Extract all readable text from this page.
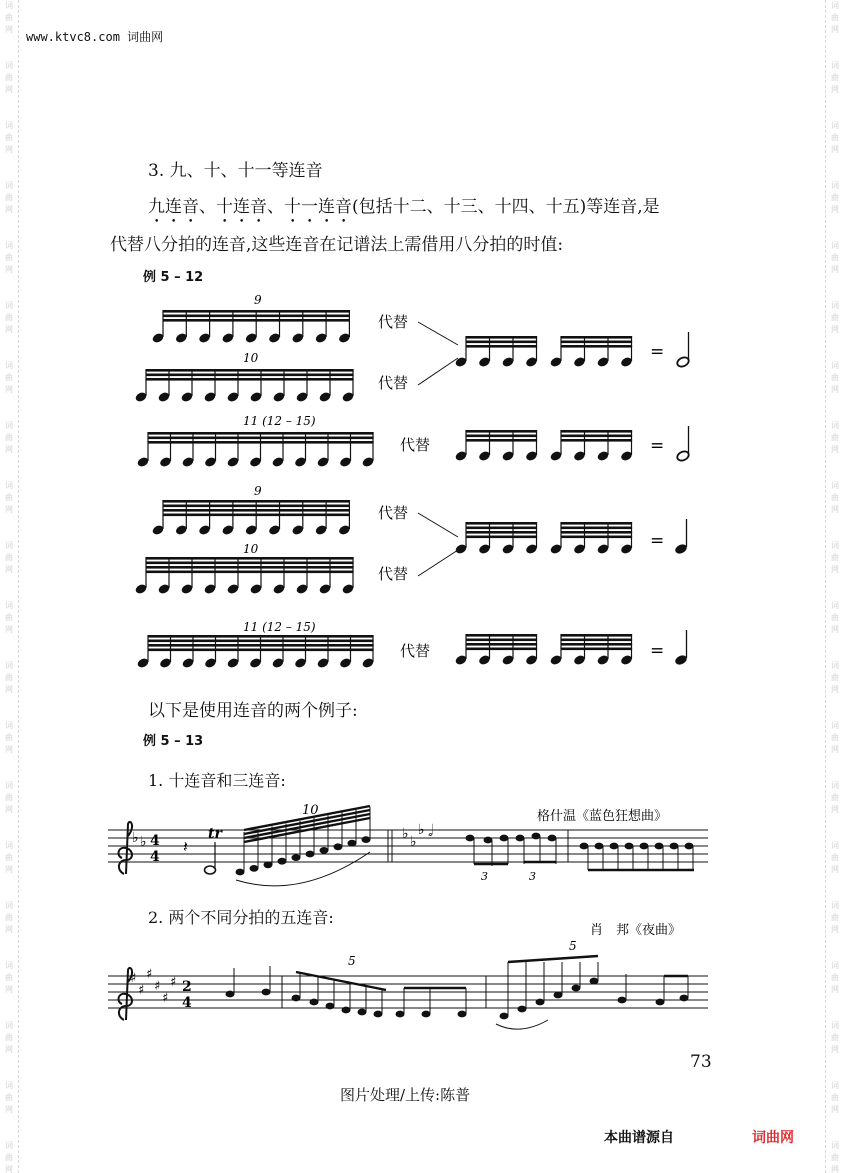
词
曲
网
词
曲
网
词
曲
网
词
曲
网
词
曲
网
词
曲
网
词
曲
网
词
曲
网
词
曲
网
词
曲
网
词
曲
网
词
曲
网
词
曲
网
词
曲
网
词
曲
网
词
曲
网
词
曲
网
词
曲
网
词
曲
网
词
曲
网
词
曲
网
词
曲
网
词
曲
网
词
曲
网
词
曲
网
词
曲
网
词
曲
网
词
曲
网
词
曲
网
词
曲
网
词
曲
网
词
曲
网
词
曲
网
词
曲
网
词
曲
网
词
曲
网
词
曲
网
词
曲
网
词
曲
网
词
曲
网
www.ktvc8.com 词曲网
3. 九、十、十一等连音
九连音、十连音、十一连音(包括十二、十三、十四、十五)等连音,是
代替八分拍的连音,这些连音在记谱法上需借用八分拍的时值:
例 5 – 12
9
10
11 (12 – 15)
9
10
11 (12 – 15)
代替
代替
代替
代替
代替
代替
=
=
=
=
4
4
♭ ♭ 𝄽
♭ ♭
♭ 𝅗𝅥
格什温《蓝色狂想曲》
tr
10
3	3
♯
♯
♯
♯
♯
♯ 2
4
肖　邦《夜曲》
5
5
以下是使用连音的两个例子:
例 5 – 13
1. 十连音和三连音:
2. 两个不同分拍的五连音:
73
图片处理/上传:陈普
本曲谱源自	词曲网
